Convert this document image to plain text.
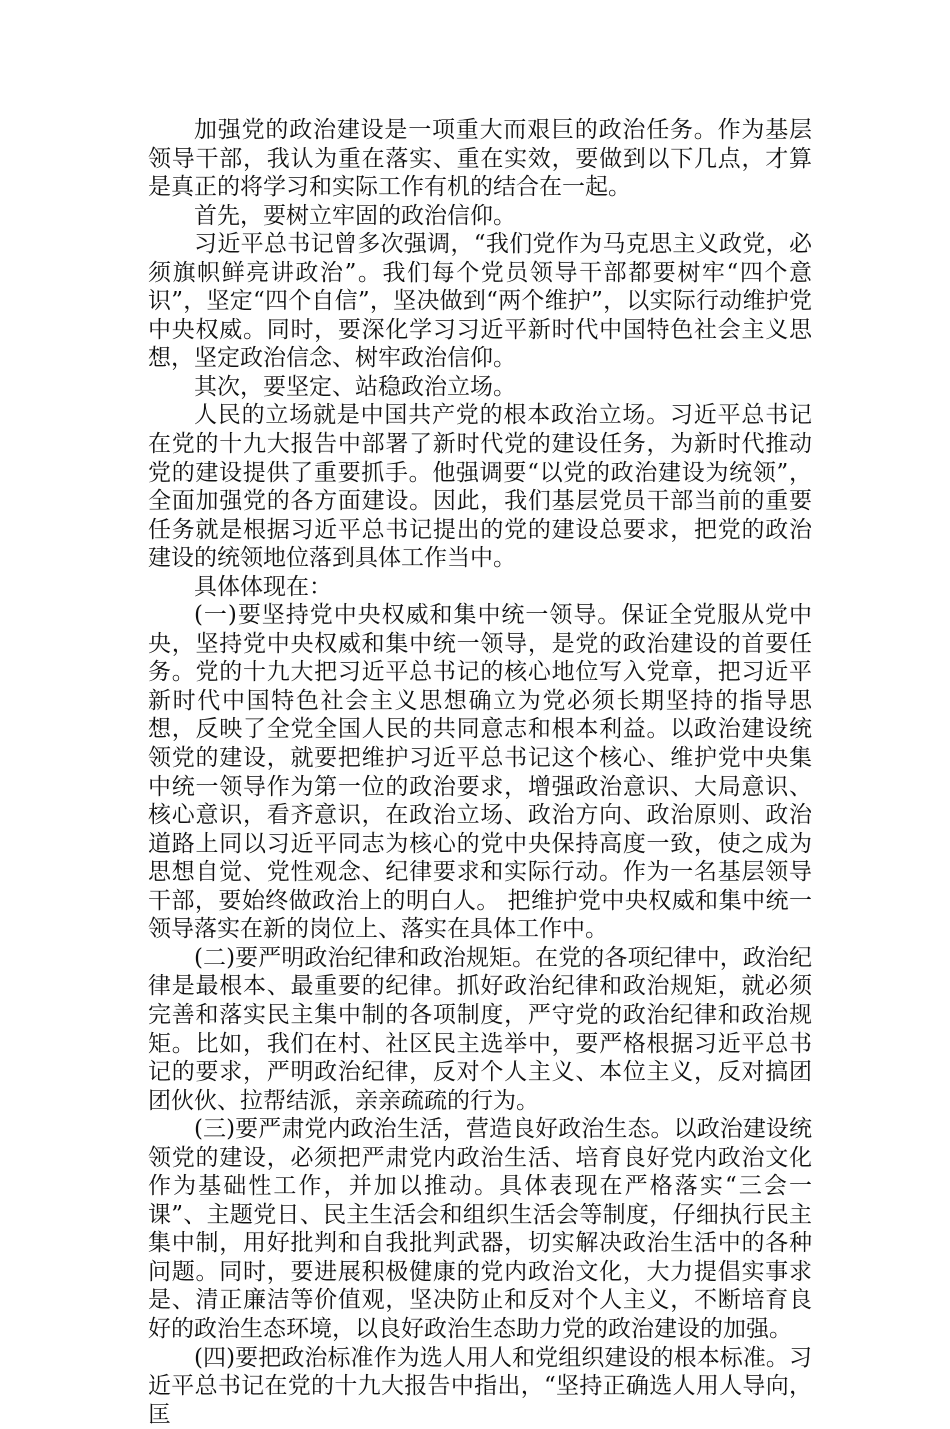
加强党的政治建设是一项重大而艰巨的政治任务。作为基层领导干部，我认为重在落实、重在实效，要做到以下几点，才算是真正的将学习和实际工作有机的结合在一起。

首先，要树立牢固的政治信仰。

习近平总书记曾多次强调，“我们党作为马克思主义政党，必须旗帜鲜亮讲政治”。我们每个党员领导干部都要树牢“四个意识”，坚定“四个自信”，坚决做到“两个维护”，以实际行动维护党中央权威。同时，要深化学习习近平新时代中国特色社会主义思想，坚定政治信念、树牢政治信仰。

其次，要坚定、站稳政治立场。

人民的立场就是中国共产党的根本政治立场。习近平总书记在党的十九大报告中部署了新时代党的建设任务，为新时代推动党的建设提供了重要抓手。他强调要“以党的政治建设为统领”，全面加强党的各方面建设。因此，我们基层党员干部当前的重要任务就是根据习近平总书记提出的党的建设总要求，把党的政治建设的统领地位落到具体工作当中。

具体体现在：

(一)要坚持党中央权威和集中统一领导。保证全党服从党中央，坚持党中央权威和集中统一领导，是党的政治建设的首要任务。党的十九大把习近平总书记的核心地位写入党章，把习近平新时代中国特色社会主义思想确立为党必须长期坚持的指导思想，反映了全党全国人民的共同意志和根本利益。以政治建设统领党的建设，就要把维护习近平总书记这个核心、维护党中央集中统一领导作为第一位的政治要求，增强政治意识、大局意识、核心意识，看齐意识，在政治立场、政治方向、政治原则、政治道路上同以习近平同志为核心的党中央保持高度一致，使之成为思想自觉、党性观念、纪律要求和实际行动。作为一名基层领导干部，要始终做政治上的明白人。 把维护党中央权威和集中统一领导落实在新的岗位上、落实在具体工作中。

(二)要严明政治纪律和政治规矩。在党的各项纪律中，政治纪律是最根本、最重要的纪律。抓好政治纪律和政治规矩，就必须完善和落实民主集中制的各项制度，严守党的政治纪律和政治规矩。比如，我们在村、社区民主选举中，要严格根据习近平总书记的要求，严明政治纪律，反对个人主义、本位主义，反对搞团团伙伙、拉帮结派，亲亲疏疏的行为。

(三)要严肃党内政治生活，营造良好政治生态。以政治建设统领党的建设，必须把严肃党内政治生活、培育良好党内政治文化作为基础性工作，并加以推动。具体表现在严格落实“三会一课”、主题党日、民主生活会和组织生活会等制度，仔细执行民主集中制，用好批判和自我批判武器，切实解决政治生活中的各种问题。同时，要进展积极健康的党内政治文化，大力提倡实事求是、清正廉洁等价值观，坚决防止和反对个人主义，不断培育良好的政治生态环境，以良好政治生态助力党的政治建设的加强。

(四)要把政治标准作为选人用人和党组织建设的根本标准。习近平总书记在党的十九大报告中指出，“坚持正确选人用人导向，匡
